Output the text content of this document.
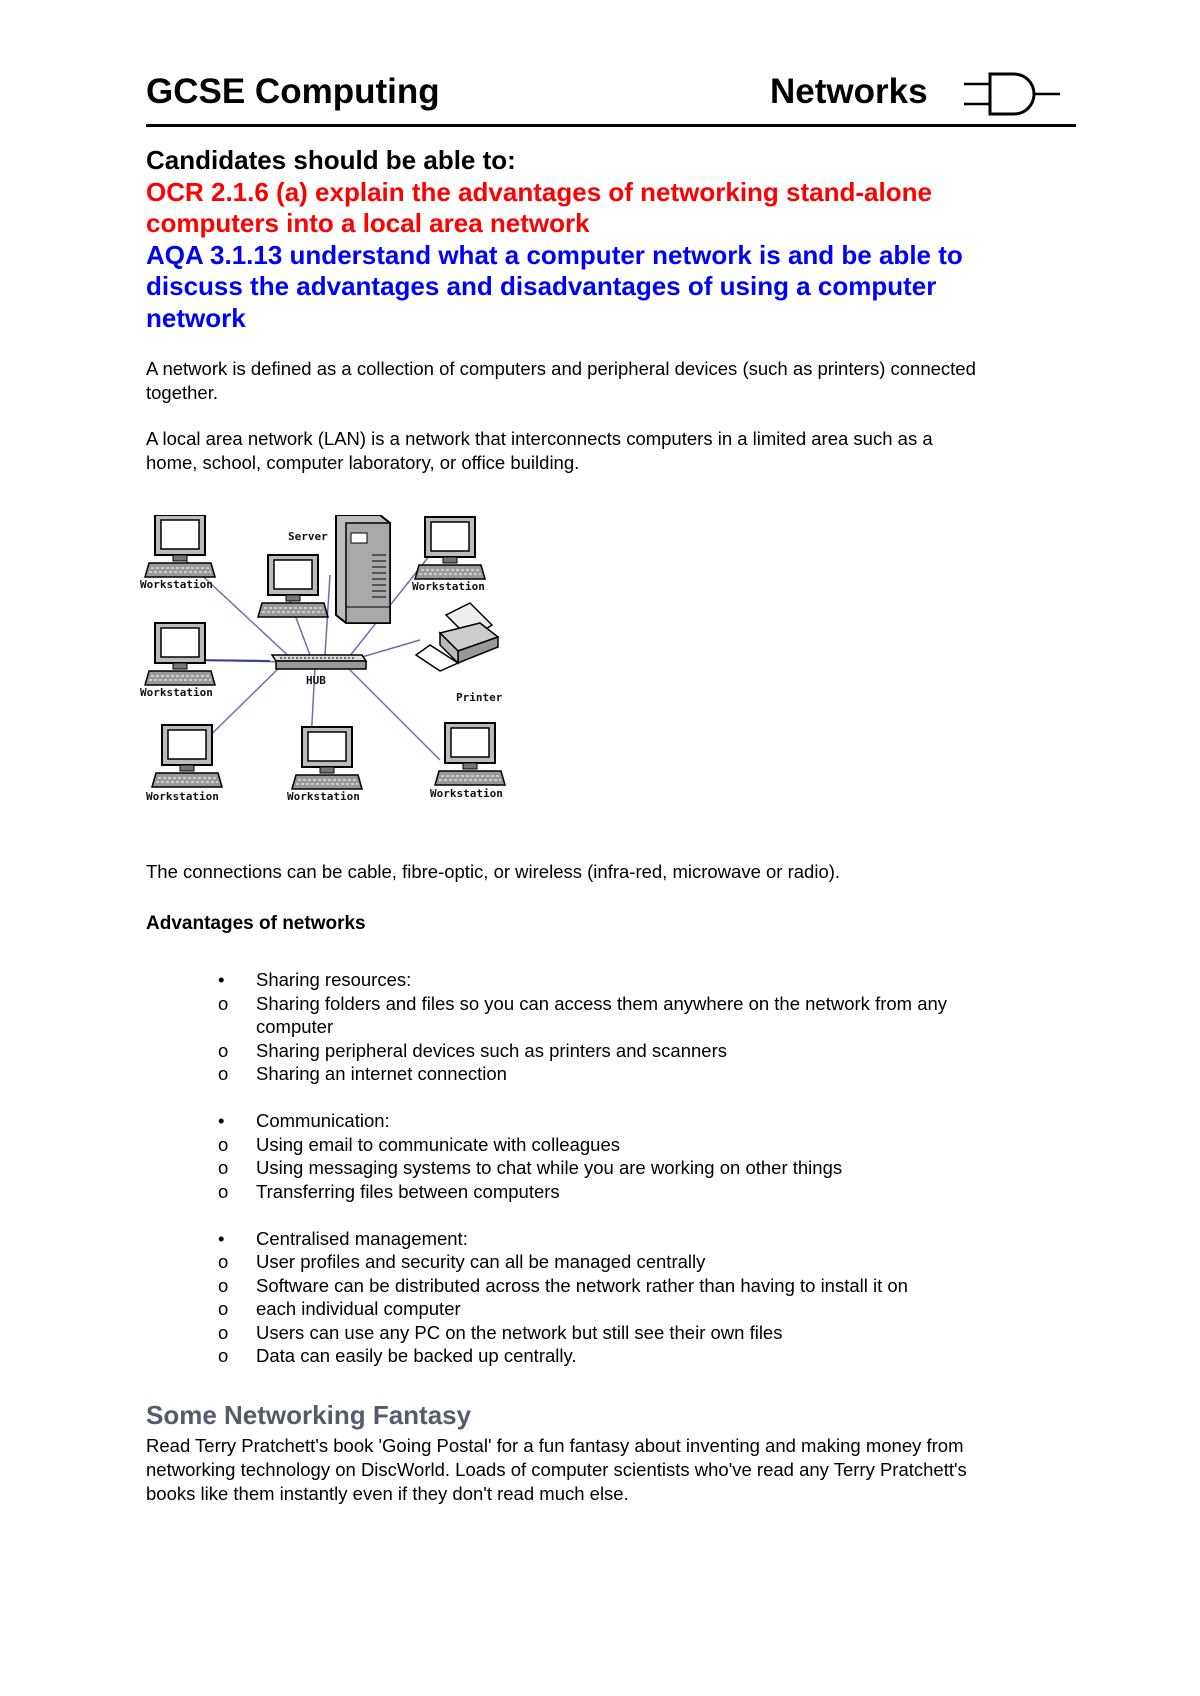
GCSE Computing	Networks
Candidates should be able to:
OCR 2.1.6 (a) explain the advantages of networking stand-alone
computers into a local area network
AQA 3.1.13 understand what a computer network is and be able to
discuss the advantages and disadvantages of using a computer
network
A network is defined as a collection of computers and peripheral devices (such as printers) connected
together.
A local area network (LAN) is a network that interconnects computers in a limited area such as a
home, school, computer laboratory, or office building.
Workstation	Workstation
Workstation
Workstation	Workstation	Workstation
Server
HUB
Printer
The connections can be cable, fibre-optic, or wireless (infra-red, microwave or radio).
Advantages of networks
•	Sharing resources:
o	Sharing folders and files so you can access them anywhere on the network from any
computer
o	Sharing peripheral devices such as printers and scanners
o	Sharing an internet connection
•	Communication:
o	Using email to communicate with colleagues
o	Using messaging systems to chat while you are working on other things
o	Transferring files between computers
•	Centralised management:
o	User profiles and security can all be managed centrally
o	Software can be distributed across the network rather than having to install it on
o	each individual computer
o	Users can use any PC on the network but still see their own files
o	Data can easily be backed up centrally.
Some Networking Fantasy
Read Terry Pratchett's book 'Going Postal' for a fun fantasy about inventing and making money from
networking technology on DiscWorld. Loads of computer scientists who've read any Terry Pratchett's
books like them instantly even if they don't read much else.
